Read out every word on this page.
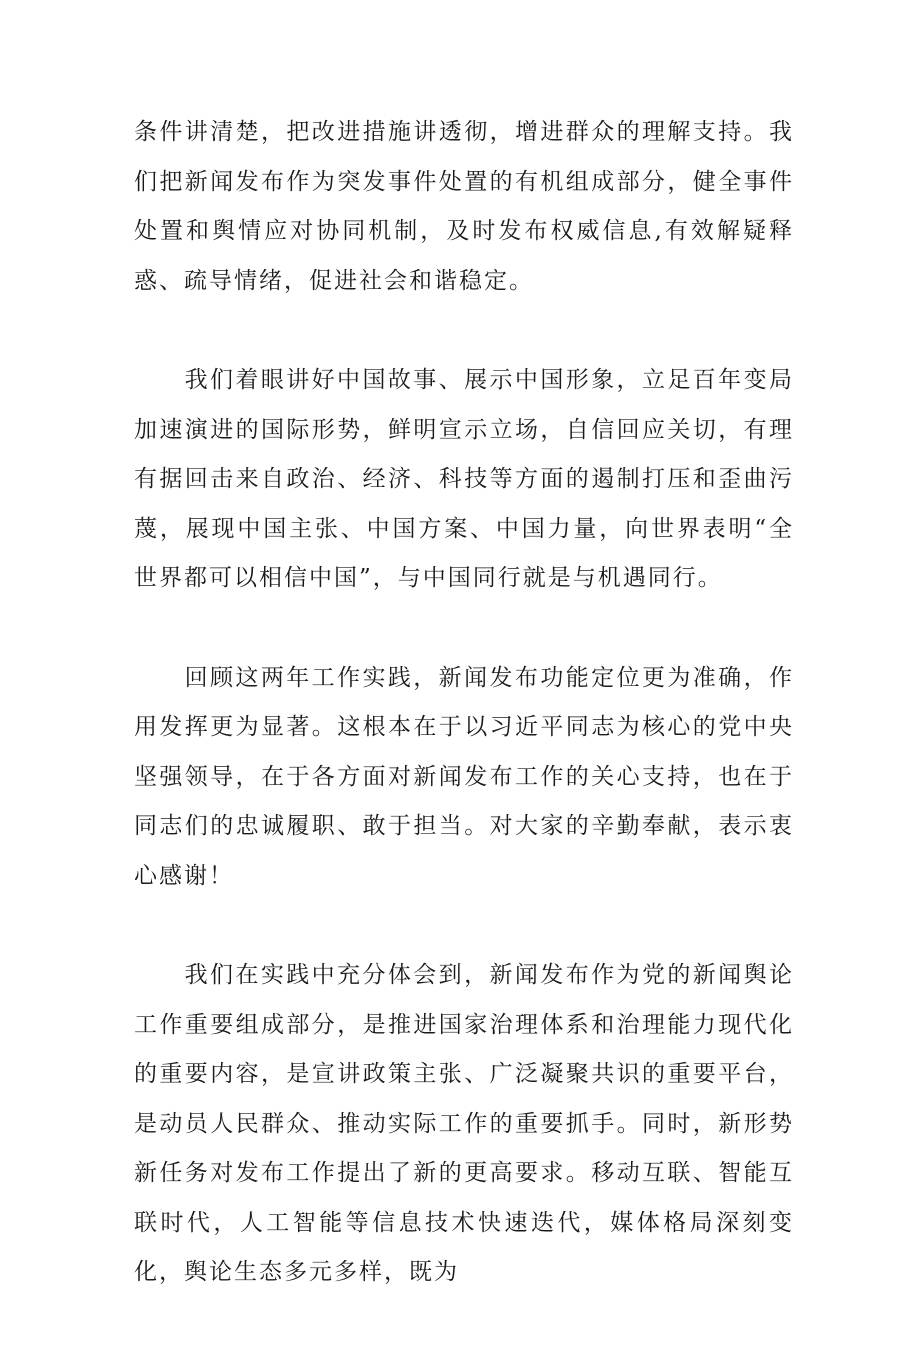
条件讲清楚，把改进措施讲透彻，增进群众的理解支持。我们把新闻发布作为突发事件处置的有机组成部分，健全事件处置和舆情应对协同机制，及时发布权威信息,有效解疑释惑、疏导情绪，促进社会和谐稳定。

我们着眼讲好中国故事、展示中国形象，立足百年变局加速演进的国际形势，鲜明宣示立场，自信回应关切，有理有据回击来自政治、经济、科技等方面的遏制打压和歪曲污蔑，展现中国主张、中国方案、中国力量，向世界表明“全世界都可以相信中国”，与中国同行就是与机遇同行。

回顾这两年工作实践，新闻发布功能定位更为准确，作用发挥更为显著。这根本在于以习近平同志为核心的党中央坚强领导，在于各方面对新闻发布工作的关心支持，也在于同志们的忠诚履职、敢于担当。对大家的辛勤奉献，表示衷心感谢！

我们在实践中充分体会到，新闻发布作为党的新闻舆论工作重要组成部分，是推进国家治理体系和治理能力现代化的重要内容，是宣讲政策主张、广泛凝聚共识的重要平台，是动员人民群众、推动实际工作的重要抓手。同时，新形势新任务对发布工作提出了新的更高要求。移动互联、智能互联时代，人工智能等信息技术快速迭代，媒体格局深刻变化，舆论生态多元多样，既为
